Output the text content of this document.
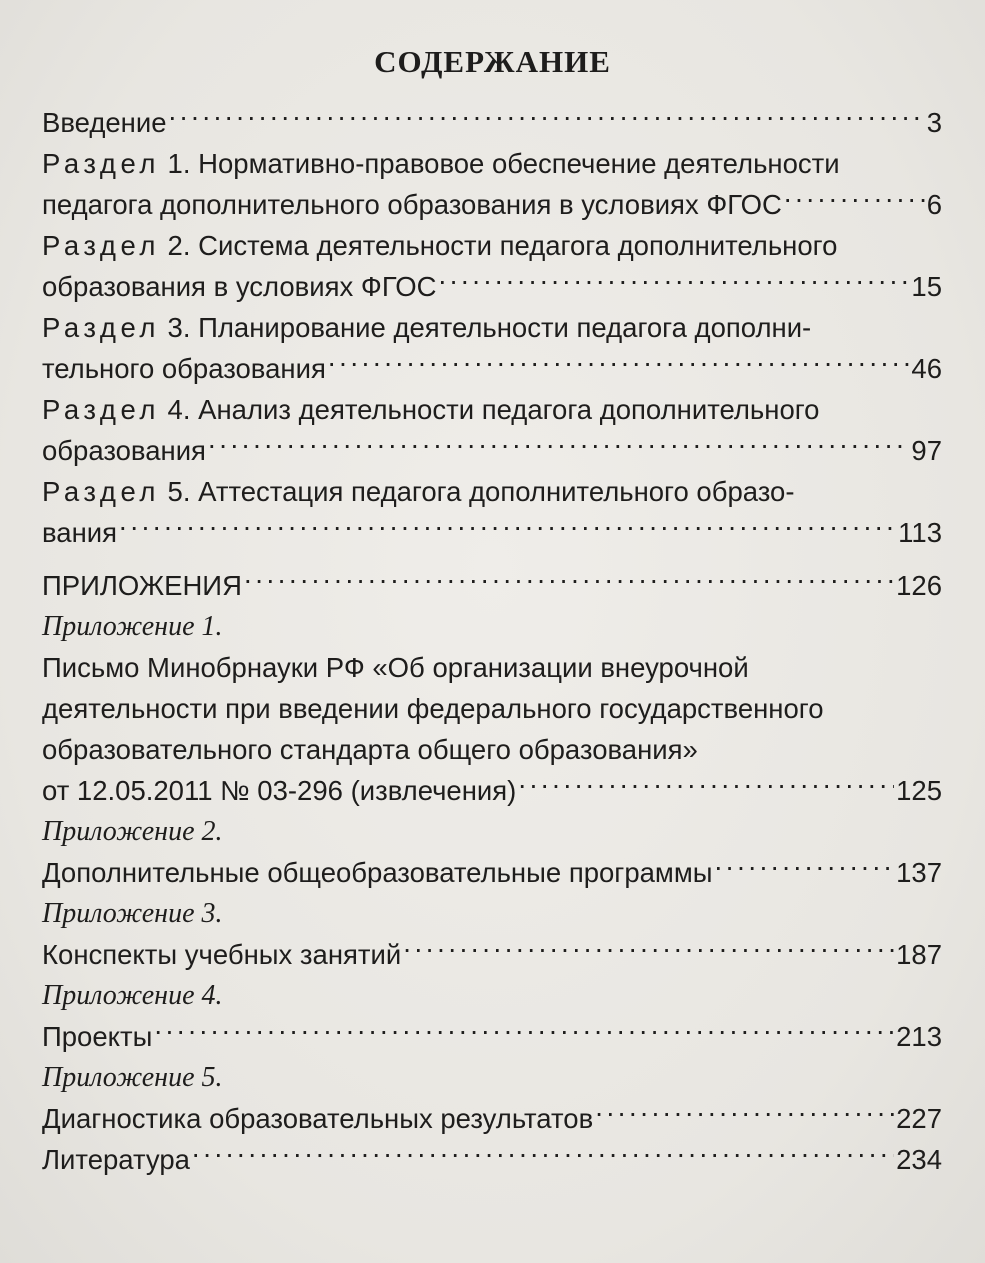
СОДЕРЖАНИЕ
Введение . . .	3
Раздел 1. Нормативно-правовое обеспечение деятельности
педагога дополнительного образования в условиях ФГОС . . .	6
Раздел 2. Система деятельности педагога дополнительного
образования в условиях ФГОС . . .	15
Раздел 3. Планирование деятельности педагога дополни-
тельного образования . . .	46
Раздел 4. Анализ деятельности педагога дополнительного
образования . . .	97
Раздел 5. Аттестация педагога дополнительного образо-
вания . . .	113
ПРИЛОЖЕНИЯ . . .	126
Приложение 1.
Письмо Минобрнауки РФ «Об организации внеурочной
деятельности при введении федерального государственного
образовательного стандарта общего образования»
от 12.05.2011 № 03-296 (извлечения) . . .	125
Приложение 2.
Дополнительные общеобразовательные программы . . .	137
Приложение 3.
Конспекты учебных занятий . . .	187
Приложение 4.
Проекты . . .	213
Приложение 5.
Диагностика образовательных результатов . . .	227
Литература . . .	234
